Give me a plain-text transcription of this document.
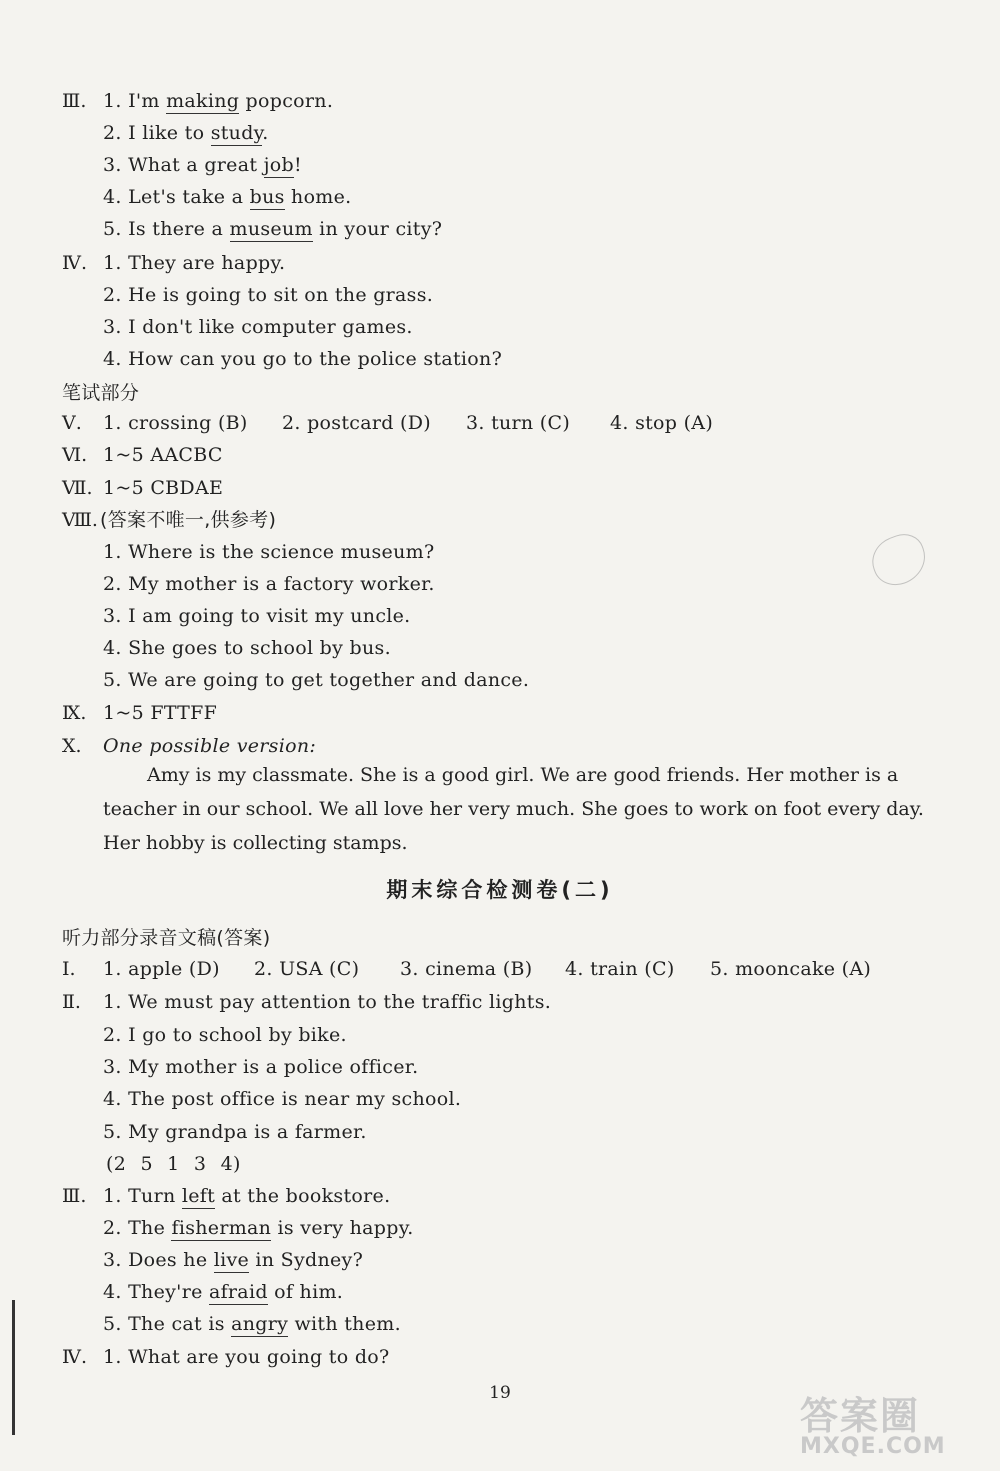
Ⅲ. 1. I'm making popcorn.
2. I like to study.
3. What a great job!
4. Let's take a bus home.
5. Is there a museum in your city?
Ⅳ. 1. They are happy.
2. He is going to sit on the grass.
3. I don't like computer games.
4. How can you go to the police station?
笔试部分
Ⅴ. 1. crossing (B) 2. postcard (D) 3. turn (C) 4. stop (A)
Ⅵ. 1~5 AACBC
Ⅶ. 1~5 CBDAE
Ⅷ. (答案不唯一,供参考)
1. Where is the science museum?
2. My mother is a factory worker.
3. I am going to visit my uncle.
4. She goes to school by bus.
5. We are going to get together and dance.
Ⅸ. 1~5 FTTFF
Ⅹ. One possible version:
Amy is my classmate. She is a good girl. We are good friends. Her mother is a teacher in our school. We all love her very much. She goes to work on foot every day. Her hobby is collecting stamps.
期末综合检测卷(二)
听力部分录音文稿(答案)
Ⅰ. 1. apple (D) 2. USA (C) 3. cinema (B) 4. train (C) 5. mooncake (A)
Ⅱ. 1. We must pay attention to the traffic lights.
2. I go to school by bike.
3. My mother is a police officer.
4. The post office is near my school.
5. My grandpa is a farmer.
(2 5 1 3 4)
Ⅲ. 1. Turn left at the bookstore.
2. The fisherman is very happy.
3. Does he live in Sydney?
4. They're afraid of him.
5. The cat is angry with them.
Ⅳ. 1. What are you going to do?
19
答案圈
MXQE.COM
